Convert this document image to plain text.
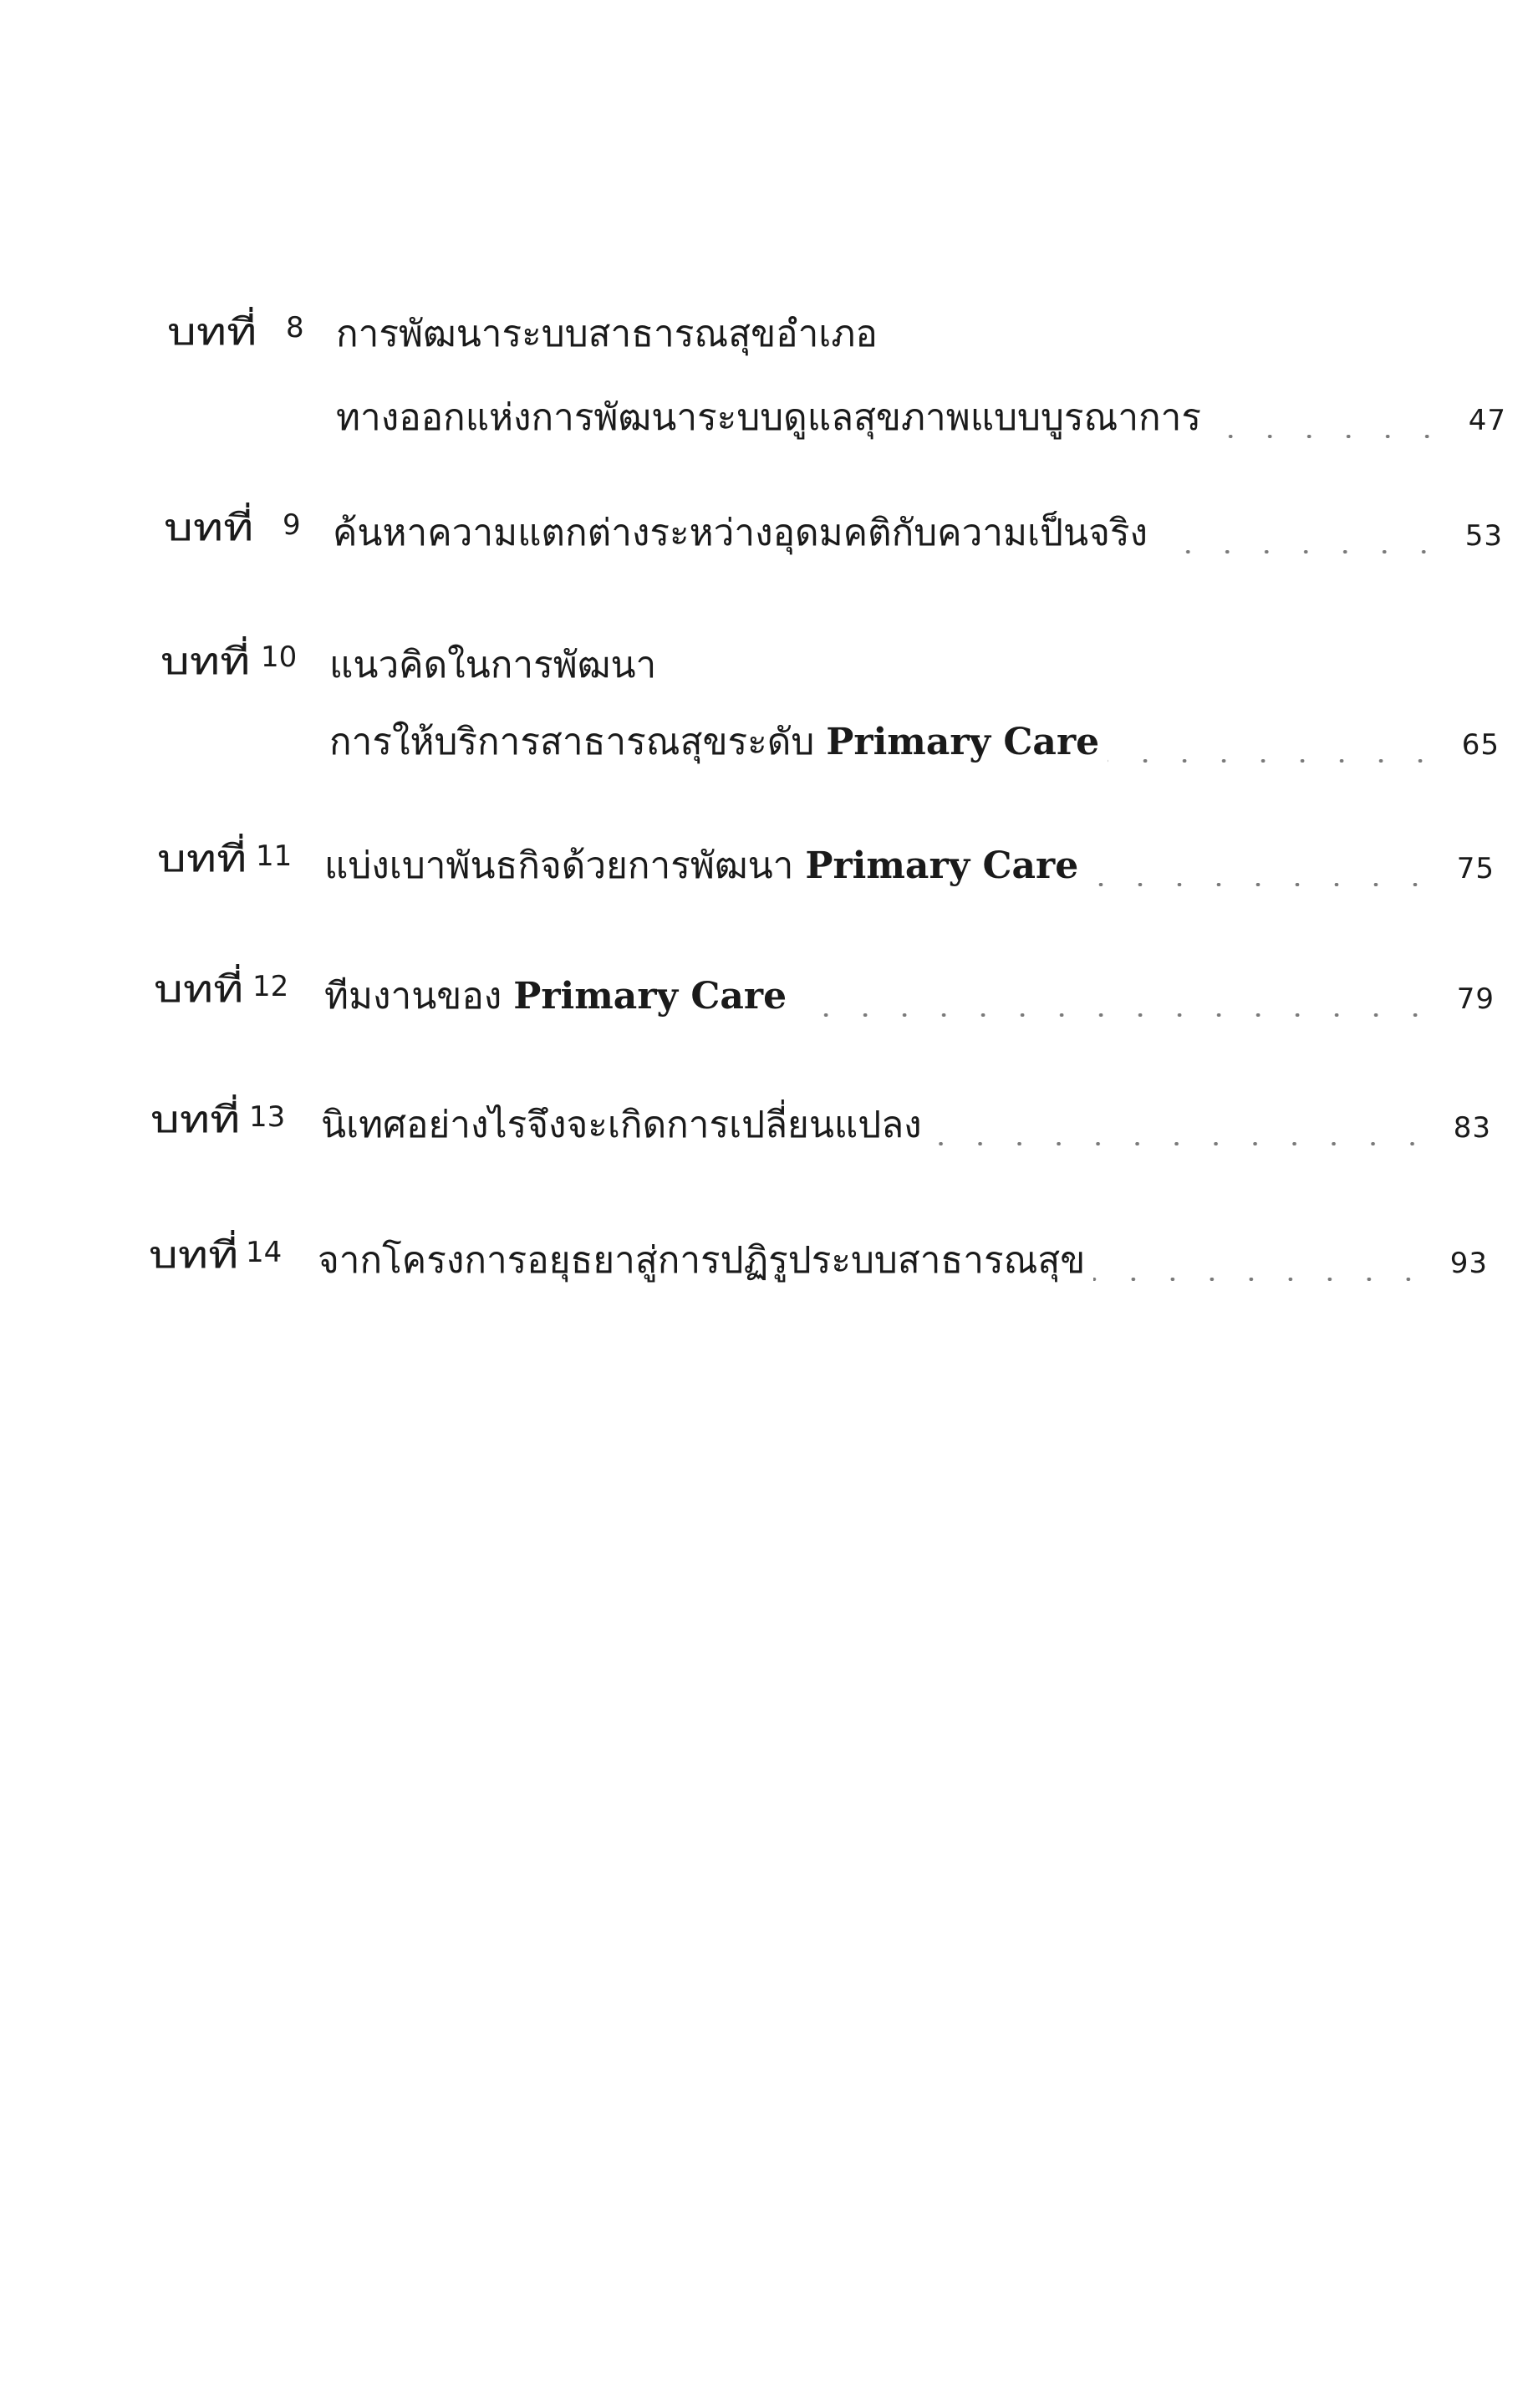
บทที่ 8 การพัฒนาระบบสาธารณสุขอำเภอ
ทางออกแห่งการพัฒนาระบบดูแลสุขภาพแบบบูรณาการ	47
บทที่ 9 ค้นหาความแตกต่างระหว่างอุดมคติกับความเป็นจริง	53
บทที่ 10 แนวคิดในการพัฒนา
การให้บริการสาธารณสุขระดับ Primary Care	65
บทที่ 11 แบ่งเบาพันธกิจด้วยการพัฒนา Primary Care	75
บทที่ 12 ทีมงานของ Primary Care	79
บทที่ 13 นิเทศอย่างไรจึงจะเกิดการเปลี่ยนแปลง	83
บทที่ 14 จากโครงการอยุธยาสู่การปฏิรูประบบสาธารณสุข	93
